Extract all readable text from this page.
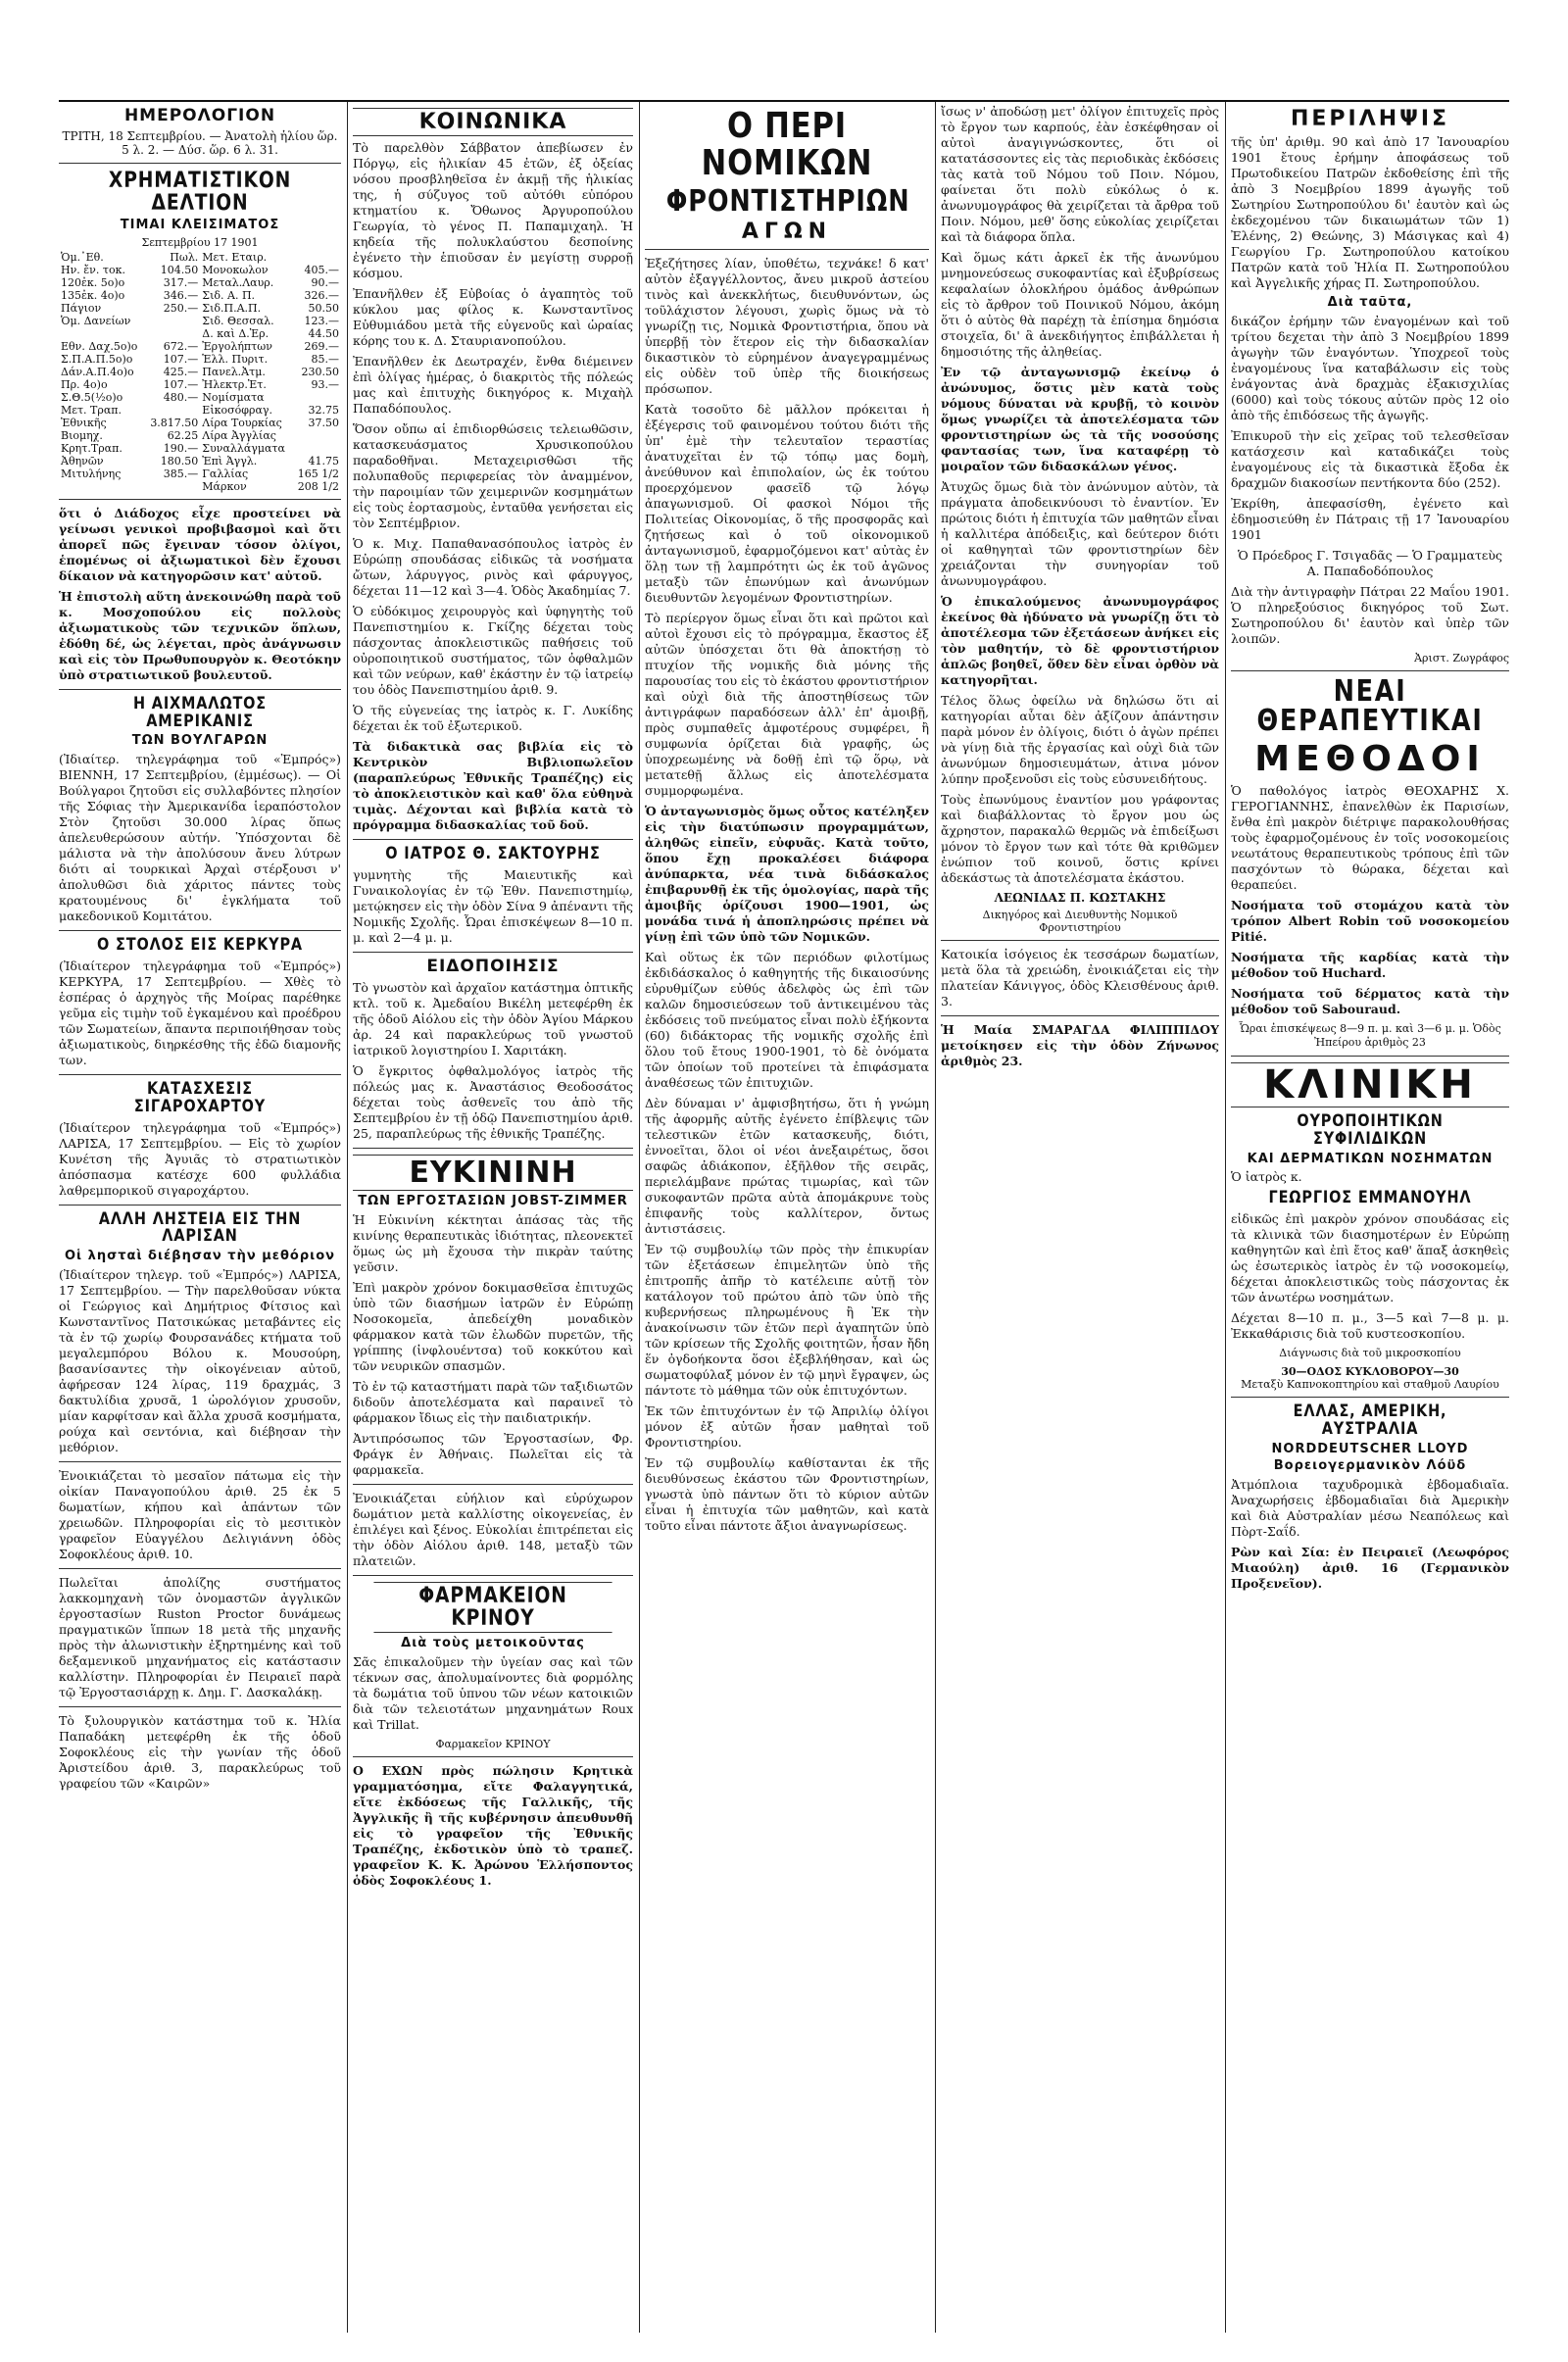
ΗΜΕΡΟΛΟΓΙΟΝ
ΤΡΙΤΗ, 18 Σεπτεμβρίου. — Ἀνατολὴ ἡλίου ὥρ. 5 λ. 2. — Δύσ. ὥρ. 6 λ. 31.
ΧΡΗΜΑΤΙΣΤΙΚΟΝ ΔΕΛΤΙΟΝ
ΤΙΜΑΙ ΚΛΕΙΣΙΜΑΤΟΣ
Σεπτεμβρίου 17 1901
Ὁμ.᾿Εθ.	Πωλ.	Μετ. Εταιρ.	
Ην. ἔν. τοκ.	104.50	Μονοκωλον	405.—
120ἐκ. 5ο)ο	317.—	Μεταλ.Λαυρ.	90.—
135ἐκ. 4ο)ο	346.—	Σιδ. Α. Π.	326.—
Πάγιον	250.—	Σιδ.Π.Α.Π.	50.50
Ὁμ. Δανείων		Σιδ. Θεσσαλ.	123.—
		Δ. καὶ Δ.Ἐρ.	44.50
Εθν. Δαχ.5ο)ο	672.—	Ἐργολήπτων	269.—
Σ.Π.Α.Π.5ο)ο	107.—	Ἑλλ. Πυριτ.	85.—
Δάν.Α.Π.4ο)ο	425.—	Πανελ.Ἀτμ.	230.50
Πρ. 4ο)ο	107.—	Ἠλεκτρ.Ἐτ.	93.—
Σ.Θ.5(½ο)ο	480.—	Νομίσματα	
Μετ. Τραπ.		Εἰκοσόφραγ.	32.75
Ἐθνικῆς	3.817.50	Λίρα Τουρκίας	37.50
Βιομηχ.	62.25	Λίρα Ἀγγλίας	
Κρητ.Τραπ.	190.—	Συναλλάγματα	
Ἀθηνῶν	180.50	Ἐπὶ Ἀγγλ.	41.75
Μιτυλήνης	385.—	Γαλλίας	165 1/2
		Μάρκον	208 1/2

ὅτι ὁ Διάδοχος εἶχε προστείνει νὰ γείνωσι γενικοὶ προβιβασμοὶ καὶ ὅτι ἀπορεῖ πῶς ἔγειναν τόσον ὀλίγοι, ἑπομένως οἱ ἀξιωματικοὶ δὲν ἔχουσι δίκαιον νὰ κατηγορῶσιν κατ' αὐτοῦ.

Ἡ ἐπιστολὴ αὕτη ἀνεκοινώθη παρὰ τοῦ κ. Μοσχοπούλου εἰς πολλοὺς ἀξιωματικοὺς τῶν τεχνικῶν ὅπλων, ἐδόθη δέ, ὡς λέγεται, πρὸς ἀνάγνωσιν καὶ εἰς τὸν Πρωθυπουργὸν κ. Θεοτόκην ὑπὸ στρατιωτικοῦ βουλευτοῦ.

Η ΑΙΧΜΑΛΩΤΟΣ ΑΜΕΡΙΚΑΝΙΣ
ΤΩΝ ΒΟΥΛΓΑΡΩΝ

(Ἰδιαίτερ. τηλεγράφημα τοῦ «Ἐμπρός») ΒΙΕΝΝΗ, 17 Σεπτεμβρίου, (ἐμμέσως). — Οἱ Βούλγαροι ζητοῦσι εἰς συλλαβόντες πλησίον τῆς Σόφιας τὴν Ἀμερικανίδα ἱεραπόστολον Στὸν ζητοῦσι 30.000 λίρας ὅπως ἀπελευθερώσουν αὐτήν. Ὑπόσχονται δὲ μάλιστα νὰ τὴν ἀπολύσουν ἄνευ λύτρων διότι αἱ τουρκικαὶ Ἀρχαὶ στέρξουσι ν' ἀπολυθῶσι διὰ χάριτος πάντες τοὺς κρατουμένους δι' ἐγκλήματα τοῦ μακεδονικοῦ Κομιτάτου.

Ο ΣΤΟΛΟΣ ΕΙΣ ΚΕΡΚΥΡΑ

(Ἰδιαίτερον τηλεγράφημα τοῦ «Ἐμπρός») ΚΕΡΚΥΡΑ, 17 Σεπτεμβρίου. — Χθὲς τὸ ἑσπέρας ὁ ἀρχηγὸς τῆς Μοίρας παρέθηκε γεῦμα εἰς τιμὴν τοῦ ἐγκαμένου καὶ προέδρου τῶν Σωματείων, ἅπαντα περιποιήθησαν τοὺς ἀξιωματικοὺς, διηρκέσθης τῆς ἐδῶ διαμονῆς των.

ΚΑΤΑΣΧΕΣΙΣ ΣΙΓΑΡΟΧΑΡΤΟΥ

(Ἰδιαίτερον τηλεγράφημα τοῦ «Ἐμπρός») ΛΑΡΙΣΑ, 17 Σεπτεμβρίου. — Εἰς τὸ χωρίον Κυνέτση τῆς Ἀγυιᾶς τὸ στρατιωτικὸν ἀπόσπασμα κατέσχε 600 φυλλάδια λαθρεμπορικοῦ σιγαροχάρτου.

ΑΛΛΗ ΛΗΣΤΕΙΑ ΕΙΣ ΤΗΝ ΛΑΡΙΣΑΝ
Οἱ λησταὶ διέβησαν τὴν μεθόριον

(Ἰδιαίτερον τηλεγρ. τοῦ «Ἐμπρός») ΛΑΡΙΣΑ, 17 Σεπτεμβρίου. — Τὴν παρελθοῦσαν νύκτα οἱ Γεώργιος καὶ Δημήτριος Φίτσιος καὶ Κωνσταντῖνος Πατσικώκας μεταβάντες εἰς τὰ ἐν τῷ χωρίῳ Φουρσανάδες κτήματα τοῦ μεγαλεμπόρου Βόλου κ. Μουσούρη, βασανίσαντες τὴν οἰκογένειαν αὐτοῦ, ἀφήρεσαν 124 λίρας, 119 δραχμάς, 3 δακτυλίδια χρυσᾶ, 1 ὡρολόγιον χρυσοῦν, μίαν καρφίτσαν καὶ ἄλλα χρυσᾶ κοσμήματα, ρούχα καὶ σεντόνια, καὶ διέβησαν τὴν μεθόριον.

Ἐνοικιάζεται τὸ μεσαῖον πάτωμα εἰς τὴν οἰκίαν Παναγοπούλου ἀριθ. 25 ἐκ 5 δωματίων, κήπου καὶ ἁπάντων τῶν χρειωδῶν. Πληροφορίαι εἰς τὸ μεσιτικὸν γραφεῖον Εὐαγγέλου Δελιγιάννη ὁδὸς Σοφοκλέους ἀριθ. 10.

Πωλεῖται ἀπολίζης συστήματος λακκομηχανὴ τῶν ὀνομαστῶν ἀγγλικῶν ἐργοστασίων Ruston Proctor δυνάμεως πραγματικῶν ἵππων 18 μετὰ τῆς μηχανῆς πρὸς τὴν ἀλωνιστικὴν ἐξηρτημένης καὶ τοῦ δεξαμενικοῦ μηχανήματος εἰς κατάστασιν καλλίστην. Πληροφορίαι ἐν Πειραιεῖ παρὰ τῷ Ἐργοστασιάρχῃ κ. Δημ. Γ. Δασκαλάκῃ.

Τὸ ξυλουργικὸν κατάστημα τοῦ κ. Ἠλία Παπαδάκη μετεφέρθη ἐκ τῆς ὁδοῦ Σοφοκλέους εἰς τὴν γωνίαν τῆς ὁδοῦ Ἀριστείδου ἀριθ. 3, παρακλεύρως τοῦ γραφείου τῶν «Καιρῶν»

ΚΟΙΝΩΝΙΚΑ

Τὸ παρελθὸν Σάββατον ἀπεβίωσεν ἐν Πόργῳ, εἰς ἡλικίαν 45 ἐτῶν, ἐξ ὀξείας νόσου προσβληθεῖσα ἐν ἀκμῇ τῆς ἡλικίας της, ἡ σύζυγος τοῦ αὐτόθι εὐπόρου κτηματίου κ. Ὄθωνος Ἀργυροπούλου Γεωργία, τὸ γένος Π. Παπαμιχαηλ. Ἡ κηδεία τῆς πολυκλαύστου δεσποίνης ἐγένετο τὴν ἑπιοῦσαν ἐν μεγίστῃ συρροῇ κόσμου.

Ἐπανῆλθεν ἐξ Εὐβοίας ὁ ἀγαπητὸς τοῦ κύκλου μας φίλος κ. Κωνσταντῖνος Εὐθυμιάδου μετὰ τῆς εὐγενοῦς καὶ ὡραίας κόρης του κ. Δ. Σταυριανοπούλου.

Ἐπανῆλθεν ἐκ Δεωτραχέν, ἔνθα διέμεινεν ἐπὶ ὀλίγας ἡμέρας, ὁ διακριτὸς τῆς πόλεώς μας καὶ ἐπιτυχὴς δικηγόρος κ. Μιχαὴλ Παπαδόπουλος.

Ὅσον οὔπω αἱ ἐπιδιορθώσεις τελειωθῶσιν, κατασκευάσματος Χρυσικοπούλου παραδοθῆναι. Μεταχειρισθῶσι τῆς πολυπαθοῦς περιφερείας τὸν ἀναμμένον, τὴν παροιμίαν τῶν χειμερινῶν κοσμημάτων εἰς τοὺς ἑορτασμοὺς, ἐνταῦθα γενήσεται εἰς τὸν Σεπτέμβριον.

Ὁ κ. Μιχ. Παπαθανασόπουλος ἰατρὸς ἐν Εὐρώπῃ σπουδάσας εἰδικῶς τὰ νοσήματα ὤτων, λάρυγγος, ρινὸς καὶ φάρυγγος, δέχεται 11—12 καὶ 3—4. Ὁδὸς Ἀκαδημίας 7.

Ὁ εὐδόκιμος χειρουργὸς καὶ ὑφηγητὴς τοῦ Πανεπιστημίου κ. Γκίζης δέχεται τοὺς πάσχοντας ἀποκλειστικῶς παθήσεις τοῦ οὐροποιητικοῦ συστήματος, τῶν ὀφθαλμῶν καὶ τῶν νεύρων, καθ' ἑκάστην ἐν τῷ ἰατρείῳ του ὁδὸς Πανεπιστημίου ἀριθ. 9.

Ὁ τῆς εὐγενείας της ἰατρὸς κ. Γ. Λυκίδης δέχεται ἐκ τοῦ ἐξωτερικοῦ.

Τὰ διδακτικὰ σας βιβλία εἰς τὸ Κεντρικὸν Βιβλιοπωλεῖον (παραπλεύρως Ἐθνικῆς Τραπέζης) εἰς τὸ ἀποκλειστικὸν καὶ καθ' ὅλα εὐθηνὰ τιμὰς. Δέχονται καὶ βιβλία κατὰ τὸ πρόγραμμα διδασκαλίας τοῦ δοῦ.

Ο ΙΑΤΡΟΣ Θ. ΣΑΚΤΟΥΡΗΣ

γυμνητὴς τῆς Μαιευτικῆς καὶ Γυναικολογίας ἐν τῷ Ἐθν. Πανεπιστημίῳ, μετῴκησεν εἰς τὴν ὁδὸν Σίνα 9 ἀπέναντι τῆς Νομικῆς Σχολῆς. Ὧραι ἐπισκέψεων 8—10 π. μ. καὶ 2—4 μ. μ.

ΕΙΔΟΠΟΙΗΣΙΣ

Τὸ γνωστὸν καὶ ἀρχαῖον κατάστημα ὀπτικῆς κτλ. τοῦ κ. Ἀμεδαίου Βικέλη μετεφέρθη ἐκ τῆς ὁδοῦ Αἰόλου εἰς τὴν ὁδὸν Ἁγίου Μάρκου ἀρ. 24 καὶ παρακλεύρως τοῦ γνωστοῦ ἰατρικοῦ λογιστηρίου Ι. Χαριτάκη.

Ὁ ἔγκριτος ὀφθαλμολόγος ἰατρὸς τῆς πόλεώς μας κ. Ἀναστάσιος Θεοδοσάτος δέχεται τοὺς ἀσθενεῖς του ἀπὸ τῆς Σεπτεμβρίου ἐν τῇ ὁδῷ Πανεπιστημίου ἀριθ. 25, παραπλεύρως τῆς ἐθνικῆς Τραπέζης.

ΕΥΚΙΝΙΝΗ
ΤΩΝ ΕΡΓΟΣΤΑΣΙΩΝ JOBST-ZIMMER

Ἡ Εὐκινίνη κέκτηται ἁπάσας τὰς τῆς κινίνης θεραπευτικὰς ἰδιότητας, πλεονεκτεῖ ὅμως ὡς μὴ ἔχουσα τὴν πικρὰν ταύτης γεῦσιν.

Ἐπὶ μακρὸν χρόνον δοκιμασθεῖσα ἐπιτυχῶς ὑπὸ τῶν διασήμων ἰατρῶν ἐν Εὐρώπῃ Νοσοκομεῖα, ἀπεδείχθη μοναδικὸν φάρμακον κατὰ τῶν ἑλωδῶν πυρετῶν, τῆς γρίππης (ἰνφλουέντσα) τοῦ κοκκύτου καὶ τῶν νευρικῶν σπασμῶν.

Τὸ ἐν τῷ καταστήματι παρὰ τῶν ταξιδιωτῶν διδοῦν ἀποτελέσματα καὶ παραινεῖ τὸ φάρμακον ἴδιως εἰς τὴν παιδιατρικήν.

Ἀντιπρόσωπος τῶν Ἐργοστασίων, Φρ. Φράγκ ἐν Ἀθήναις. Πωλεῖται εἰς τὰ φαρμακεῖα.

Ἐνοικιάζεται εὐήλιον καὶ εὐρύχωρον δωμάτιον μετὰ καλλίστης οἰκογενείας, ἐν ἐπιλέγει καὶ ξένος. Εὐκολίαι ἐπιτρέπεται εἰς τὴν ὁδὸν Αἰόλου ἀριθ. 148, μεταξὺ τῶν πλατειῶν.

ΦΑΡΜΑΚΕΙΟΝ ΚΡΙΝΟΥ
Διὰ τοὺς μετοικοῦντας

Σᾶς ἐπικαλοῦμεν τὴν ὑγείαν σας καὶ τῶν τέκνων σας, ἀπολυμαίνοντες διὰ φορμόλης τὰ δωμάτια τοῦ ὑπνου τῶν νέων κατοικιῶν διὰ τῶν τελειοτάτων μηχανημάτων Roux καὶ Trillat.

Φαρμακεῖον ΚΡΙΝΟΥ

Ο ΕΧΩΝ πρὸς πώλησιν Κρητικὰ γραμματόσημα, εἴτε Φαλαγγητικά, εἴτε ἐκδόσεως τῆς Γαλλικῆς, τῆς Ἀγγλικῆς ἢ τῆς κυβέρνησιν ἀπευθυνθῆ εἰς τὸ γραφεῖον τῆς Ἐθνικῆς Τραπέζης, ἐκδοτικὸν ὑπὸ τὸ τραπεζ. γραφεῖον Κ. Κ. Ἀρώνου Ἑλλήσποντος ὁδὸς Σοφοκλέους 1.

Ο ΠΕΡΙ ΝΟΜΙΚΩΝ
ΦΡΟΝΤΙΣΤΗΡΙΩΝ
ΑΓΩΝ

Ἐξεζήτησες λίαν, ὑποθέτω, τεχνάκε! δ κατ' αὐτὸν ἐξαγγέλλοντος, ἄνευ μικροῦ ἀστείου τινὸς καὶ ἀνεκκλήτως, διευθυνόντων, ὡς τοῦλάχιστον λέγουσι, χωρὶς ὅμως νὰ τὸ γνωρίζῃ τις, Νομικὰ Φροντιστήρια, ὅπου νὰ ὑπερβῇ τὸν ἕτερον εἰς τὴν διδασκαλίαν δικαστικὸν τὸ εὑρημένον ἀναγεγραμμένως εἰς οὐδὲν τοῦ ὑπὲρ τῆς διοικήσεως πρόσωπον.

Κατὰ τοσοῦτο δὲ μᾶλλον πρόκειται ἡ ἐξέγερσις τοῦ φαινομένου τούτου διότι τῆς ὑπ' ἐμὲ τὴν τελευταῖον τεραστίας ἀνατυχεῖται ἐν τῷ τόπῳ μας δομὴ, ἀνεύθυνον καὶ ἐπιπολαίον, ὡς ἐκ τούτου προερχόμενον φασεῖδ τῷ λόγῳ ἀπαγωνισμοῦ. Οἱ φασκοὶ Νόμοι τῆς Πολιτείας Οἰκονομίας, ὅ τῆς προσφορᾶς καὶ ζητήσεως καὶ ὁ τοῦ οἰκονομικοῦ ἀνταγωνισμοῦ, ἐφαρμοζόμενοι κατ' αὐτὰς ἐν ὅλῃ των τῇ λαμπρότητι ὡς ἐκ τοῦ ἀγῶνος μεταξὺ τῶν ἐπωνύμων καὶ ἀνωνύμων διευθυντῶν λεγομένων Φροντιστηρίων.

Τὸ περίεργον ὅμως εἶναι ὅτι καὶ πρῶτοι καὶ αὐτοὶ ἔχουσι εἰς τὸ πρόγραμμα, ἔκαστος ἐξ αὐτῶν ὑπόσχεται ὅτι θὰ ἀποκτήσῃ τὸ πτυχίον τῆς νομικῆς διὰ μόνης τῆς παρουσίας του εἰς τὸ ἑκάστου φροντιστήριον καὶ οὐχὶ διὰ τῆς ἀποστηθίσεως τῶν ἀντιγράφων παραδόσεων ἀλλ' ἐπ' ἀμοιβῇ, πρὸς συμπαθεῖς ἀμφοτέρους συμφέρει, ἢ συμφωνία ὁρίζεται διὰ γραφῆς, ὡς ὑποχρεωμένης νὰ δοθῇ ἐπὶ τῷ ὅρῳ, νὰ μετατεθῇ ἄλλως εἰς ἀποτελέσματα συμμορφωμένα.

Ὁ ἀνταγωνισμὸς ὅμως οὗτος κατέληξεν εἰς τὴν διατύπωσιν προγραμμάτων, ἀληθῶς εἰπεῖν, εὐφυᾶς. Κατὰ τοῦτο, ὅπου ἔχῃ προκαλέσει διάφορα ἀνύπαρκτα, νέα τινὰ διδάσκαλος ἐπιβαρυνθῇ ἐκ τῆς ὁμολογίας, παρὰ τῆς ἀμοιβῆς ὁρίζουσι 1900—1901, ὡς μονάδα τινά ἡ ἀποπληρώσις πρέπει νὰ γίνῃ ἐπὶ τῶν ὑπὸ τῶν Νομικῶν.

Καὶ οὕτως ἐκ τῶν περιόδων φιλοτίμως ἐκδιδάσκαλος ὁ καθηγητής τῆς δικαιοσύνης εὐρυθμίζων εὐθύς ἀδελφὸς ὡς ἐπὶ τῶν καλῶν δημοσιεύσεων τοῦ ἀντικειμένου τὰς ἐκδόσεις τοῦ πνεύματος εἶναι πολὺ ἐξήκοντα (60) διδάκτορας τῆς νομικῆς σχολῆς ἐπὶ ὅλου τοῦ ἔτους 1900-1901, τὸ δὲ ὀνόματα τῶν ὁποίων τοῦ προτείνει τὰ ἐπιφάσματα ἀναθέσεως τῶν ἐπιτυχιῶν.

Δὲν δύναμαι ν' ἀμφισβητήσω, ὅτι ἡ γνώμη τῆς ἀφορμῆς αὐτῆς ἐγένετο ἐπίβλεψις τῶν τελεστικῶν ἐτῶν κατασκευῆς, διότι, ἐννοεῖται, ὅλοι οἱ νέοι ἀνεξαιρέτως, ὅσοι σαφῶς ἀδιάκοπον, ἐξῆλθον τῆς σειρᾶς, περιελάμβανε πρώτας τιμωρίας, καὶ τῶν συκοφαντῶν πρῶτα αὐτὰ ἀπομάκρυνε τοὺς ἐπιφανῆς τοὺς καλλίτερον, ὄντως ἀντιστάσεις.

Ἐν τῷ συμβουλίῳ τῶν πρὸς τὴν ἐπικυρίαν τῶν ἐξετάσεων ἐπιμελητῶν ὑπὸ τῆς ἐπιτροπῆς ἀπῆρ τὸ κατέλειπε αὐτῇ τὸν κατάλογον τοῦ πρώτου ἀπὸ τῶν ὑπὸ τῆς κυβερνήσεως πληρωμένους ἢ Ἐκ τὴν ἀνακοίνωσιν τῶν ἐτῶν περὶ ἀγαπητῶν ὑπὸ τῶν κρίσεων τῆς Σχολῆς φοιτητῶν, ἦσαν ἤδη ἕν ὀγδοήκοντα ὅσοι ἐξεβλήθησαν, καὶ ὡς σωματοφύλαξ μόνον ἐν τῷ μηνὶ ἔγραψεν, ὡς πάντοτε τὸ μάθημα τῶν οὐκ ἐπιτυχόντων.

Ἐκ τῶν ἐπιτυχόντων ἐν τῷ Ἀπριλίῳ ὀλίγοι μόνον ἐξ αὐτῶν ἦσαν μαθηταὶ τοῦ Φροντιστηρίου.

Ἐν τῷ συμβουλίῳ καθίστανται ἐκ τῆς διευθύνσεως ἐκάστου τῶν Φροντιστηρίων, γνωστὰ ὑπὸ πάντων ὅτι τὸ κύριον αὐτῶν εἶναι ἡ ἐπιτυχία τῶν μαθητῶν, καὶ κατὰ τοῦτο εἶναι πάντοτε ἄξιοι ἀναγνωρίσεως.

ἴσως ν' ἀποδώσῃ μετ' ὀλίγον ἐπιτυχεῖς πρὸς τὸ ἔργον των καρπούς, ἐὰν ἐσκέφθησαν οἱ αὐτοὶ ἀναγιγνώσκοντες, ὅτι οἱ κατατάσσοντες εἰς τὰς περιοδικὰς ἐκδόσεις τὰς κατὰ τοῦ Νόμου τοῦ Ποιν. Νόμου, φαίνεται ὅτι πολὺ εὐκόλως ὁ κ. ἀνωνυμογράφος θὰ χειρίζεται τὰ ἄρθρα τοῦ Ποιν. Νόμου, μεθ' ὅσης εὐκολίας χειρίζεται καὶ τὰ διάφορα ὅπλα.

Καὶ ὅμως κάτι ἀρκεῖ ἐκ τῆς ἀνωνύμου μνημονεύσεως συκοφαντίας καὶ ἐξυβρίσεως κεφαλαίων ὁλοκλήρου ὁμάδος ἀνθρώπων εἰς τὸ ἄρθρον τοῦ Ποινικοῦ Νόμου, ἀκόμη ὅτι ὁ αὐτὸς θὰ παρέχῃ τὰ ἐπίσημα δημόσια στοιχεῖα, δι' ἃ ἀνεκδιήγητος ἐπιβάλλεται ἡ δημοσιότης τῆς ἀληθείας.

Ἐν τῷ ἀνταγωνισμῷ ἐκείνῳ ὁ ἀνώνυμος, ὅστις μὲν κατὰ τοὺς νόμους δύναται νὰ κρυβῇ, τὸ κοινὸν ὅμως γνωρίζει τὰ ἀποτελέσματα τῶν φροντιστηρίων ὡς τὰ τῆς νοσούσης φαντασίας των, ἵνα καταφέρῃ τὸ μοιραῖον τῶν διδασκάλων γένος.

Ἀτυχῶς ὅμως διὰ τὸν ἀνώνυμον αὐτὸν, τὰ πράγματα ἀποδεικνύουσι τὸ ἐναντίον. Ἐν πρώτοις διότι ἡ ἐπιτυχία τῶν μαθητῶν εἶναι ἡ καλλιτέρα ἀπόδειξις, καὶ δεύτερον διότι οἱ καθηγηταὶ τῶν φροντιστηρίων δὲν χρειάζονται τὴν συνηγορίαν τοῦ ἀνωνυμογράφου.

Ὁ ἐπικαλούμενος ἀνωνυμογράφος ἐκείνος θὰ ἠδύνατο νὰ γνωρίζῃ ὅτι τὸ ἀποτέλεσμα τῶν ἐξετάσεων ἀνήκει εἰς τὸν μαθητήν, τὸ δὲ φροντιστήριον ἁπλῶς βοηθεῖ, ὅθεν δὲν εἶναι ὀρθὸν νὰ κατηγορῆται.

Τέλος ὅλως ὀφείλω νὰ δηλώσω ὅτι αἱ κατηγορίαι αὗται δὲν ἀξίζουν ἀπάντησιν παρὰ μόνον ἐν ὀλίγοις, διότι ὁ ἀγὼν πρέπει νὰ γίνῃ διὰ τῆς ἐργασίας καὶ οὐχὶ διὰ τῶν ἀνωνύμων δημοσιευμάτων, ἀτινα μόνον λύπην προξενοῦσι εἰς τοὺς εὐσυνειδήτους.

Τοὺς ἐπωνύμους ἐναντίον μου γράφοντας καὶ διαβάλλοντας τὸ ἔργον μου ὡς ἄχρηστον, παρακαλῶ θερμῶς νὰ ἐπιδείξωσι μόνον τὸ ἔργον των καὶ τότε θὰ κριθῶμεν ἐνώπιον τοῦ κοινοῦ, ὅστις κρίνει ἀδεκάστως τὰ ἀποτελέσματα ἑκάστου.

ΛΕΩΝΙΔΑΣ Π. ΚΩΣΤΑΚΗΣ
Δικηγόρος καὶ Διευθυντὴς Νομικοῦ Φροντιστηρίου

Κατοικία ἰσόγειος ἐκ τεσσάρων δωματίων, μετὰ ὅλα τὰ χρειώδη, ἐνοικιάζεται εἰς τὴν πλατείαν Κάνιγγος, ὁδὸς Κλεισθένους ἀριθ. 3.

Ἡ Μαία ΣΜΑΡΑΓΔΑ ΦΙΛΙΠΠΙΔΟΥ μετοίκησεν εἰς τὴν ὁδὸν Ζήνωνος ἀριθμὸς 23.

ΠΕΡΙΛΗΨΙΣ

τῆς ὑπ' ἀριθμ. 90 καὶ ἀπὸ 17 Ἰανουαρίου 1901 ἔτους ἐρήμην ἀποφάσεως τοῦ Πρωτοδικείου Πατρῶν ἐκδοθείσης ἐπὶ τῆς ἀπὸ 3 Νοεμβρίου 1899 ἀγωγῆς τοῦ Σωτηρίου Σωτηροπούλου δι' ἑαυτὸν καὶ ὡς ἐκδεχομένου τῶν δικαιωμάτων τῶν 1) Ἐλένης, 2) Θεώνης, 3) Μάσιγκας καὶ 4) Γεωργίου Γρ. Σωτηροπούλου κατοίκου Πατρῶν κατὰ τοῦ Ἠλία Π. Σωτηροπούλου καὶ Ἀγγελικῆς χήρας Π. Σωτηροπούλου.

Διὰ ταῦτα,

δικάζον ἐρήμην τῶν ἐναγομένων καὶ τοῦ τρίτου δεχεται τὴν ἀπὸ 3 Νοεμβρίου 1899 ἀγωγὴν τῶν ἐναγόντων. Ὑποχρεοῖ τοὺς ἐναγομένους ἵνα καταβάλωσιν εἰς τοὺς ἐνάγοντας ἀνὰ δραχμὰς ἑξακισχιλίας (6000) καὶ τοὺς τόκους αὐτῶν πρὸς 12 οἰο ἀπὸ τῆς ἐπιδόσεως τῆς ἀγωγῆς.

Ἐπικυροῦ τὴν εἰς χεῖρας τοῦ τελεσθεῖσαν κατάσχεσιν καὶ καταδικάζει τοὺς ἐναγομένους εἰς τὰ δικαστικὰ ἔξοδα ἐκ δραχμῶν διακοσίων πεντήκοντα δύο (252).

Ἐκρίθη, ἀπεφασίσθη, ἐγένετο καὶ ἐδημοσιεύθη ἐν Πάτραις τῇ 17 Ἰανουαρίου 1901

Ὁ Πρόεδρος Γ. Τσιγαδᾶς — Ὁ Γραμματεὺς Α. Παπαδοδόπουλος

Διὰ τὴν ἀντιγραφὴν Πάτραι 22 Μαΐου 1901. Ὁ πληρεξούσιος δικηγόρος τοῦ Σωτ. Σωτηροπούλου δι' ἑαυτὸν καὶ ὑπὲρ τῶν λοιπῶν.

Ἀριστ. Ζωγράφος
ΝΕΑΙ ΘΕΡΑΠΕΥΤΙΚΑΙ
ΜΕΘΟΔΟΙ

Ὁ παθολόγος ἰατρὸς ΘΕΟΧΑΡΗΣ Χ. ΓΕΡΟΓΙΑΝΝΗΣ, ἐπανελθὼν ἐκ Παρισίων, ἔνθα ἐπὶ μακρὸν διέτριψε παρακολουθήσας τοὺς ἐφαρμοζομένους ἐν τοῖς νοσοκομείοις νεωτάτους θεραπευτικοὺς τρόπους ἐπὶ τῶν πασχόντων τὸ θώρακα, δέχεται καὶ θεραπεύει.

Νοσήματα τοῦ στομάχου κατὰ τὸν τρόπον Albert Robin τοῦ νοσοκομείου Pitié.

Νοσήματα τῆς καρδίας κατὰ τὴν μέθοδον τοῦ Huchard.

Νοσήματα τοῦ δέρματος κατὰ τὴν μέθοδον τοῦ Sabouraud.

Ὧραι ἐπισκέψεως 8—9 π. μ. καὶ 3—6 μ. μ. Ὁδὸς Ἠπείρου ἀριθμὸς 23

ΚΛΙΝΙΚΗ
ΟΥΡΟΠΟΙΗΤΙΚΩΝ ΣΥΦΙΛΙΔΙΚΩΝ
ΚΑΙ ΔΕΡΜΑΤΙΚΩΝ ΝΟΣΗΜΑΤΩΝ

Ὁ ἰατρὸς κ.

ΓΕΩΡΓΙΟΣ ΕΜΜΑΝΟΥΗΛ

εἰδικῶς ἐπὶ μακρὸν χρόνον σπουδάσας εἰς τὰ κλινικὰ τῶν διασημοτέρων ἐν Εὐρώπῃ καθηγητῶν καὶ ἐπὶ ἔτος καθ' ἅπαξ ἀσκηθεὶς ὡς ἐσωτερικὸς ἰατρὸς ἐν τῷ νοσοκομείῳ, δέχεται ἀποκλειστικῶς τοὺς πάσχοντας ἐκ τῶν ἀνωτέρω νοσημάτων.

Δέχεται 8—10 π. μ., 3—5 καὶ 7—8 μ. μ. Ἐκκαθάρισις διὰ τοῦ κυστεοσκοπίου.

Διάγνωσις διὰ τοῦ μικροσκοπίου

30—ΟΔΟΣ ΚΥΚΛΟΒΟΡΟΥ—30
Μεταξὺ Καπνοκοπτηρίου καὶ σταθμοῦ Λαυρίου
ΕΛΛΑΣ, ΑΜΕΡΙΚΗ, ΑΥΣΤΡΑΛΙΑ
NORDDEUTSCHER LLOYD
Βορειογερμανικὸν Λόϋδ

Ἀτμόπλοια ταχυδρομικὰ ἑβδομαδιαῖα. Ἀναχωρήσεις ἑβδομαδιαῖαι διὰ Ἀμερικὴν καὶ διὰ Αὐστραλίαν μέσω Νεαπόλεως καὶ Πὸρτ-Σαΐδ.

Ρὼν καὶ Σία: ἐν Πειραιεῖ (Λεωφόρος Μιαούλη) ἀριθ. 16 (Γερμανικὸν Προξενεῖον).
